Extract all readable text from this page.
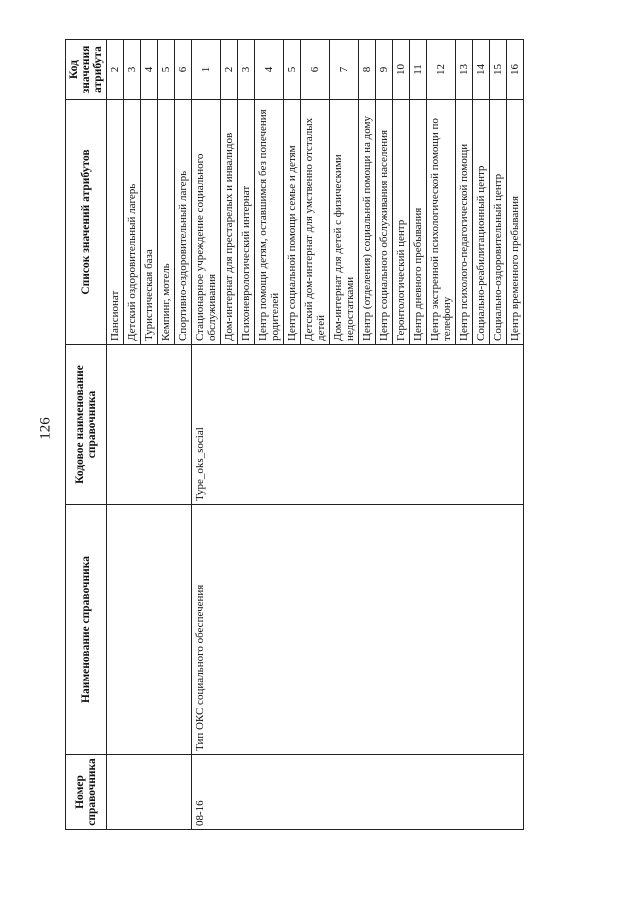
126
Номер справочника	Наименование справочника	Кодовое наименование справочника	Список значений атрибутов	Код значения атрибута
			Пансионат	2
			Детский оздоровительный лагерь	3
			Туристическая база	4
			Кемпинг, мотель	5
			Спортивно-оздоровительный лагерь	6
08-16	Тип ОКС социального обеспечения	Type_oks_social	Стационарное учреждение социального обслуживания	1
			Дом-интернат для престарелых и инвалидов	2
			Психоневрологический интернат	3
			Центр помощи детям, оставшимся без попечения родителей	4
			Центр социальной помощи семье и детям	5
			Детский дом-интернат для умственно отсталых детей	6
			Дом-интернат для детей с физическими недостатками	7
			Центр (отделения) социальной помощи на дому	8
			Центр социального обслуживания населения	9
			Геронтологический центр	10
			Центр дневного пребывания	11
			Центр экстренной психологической помощи по телефону	12
			Центр психолого-педагогической помощи	13
			Социально-реабилитационный центр	14
			Социально-оздоровительный центр	15
			Центр временного пребывания	16
